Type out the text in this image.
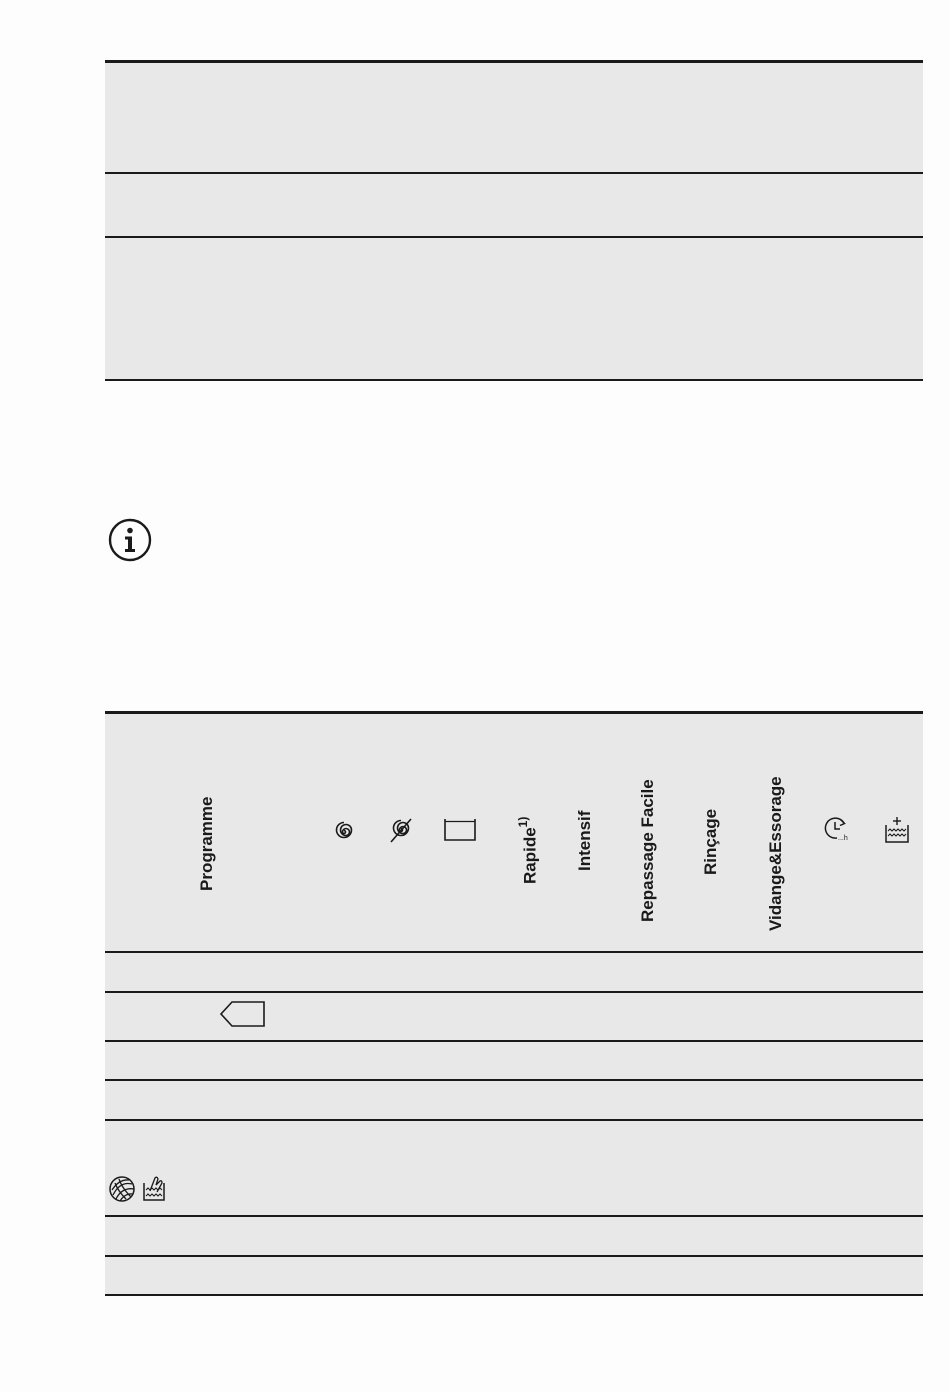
Programme	Rapide$^{1)}$	Intensif	Repassage Facile	Rinçage	Vidange&Essorage	...h
